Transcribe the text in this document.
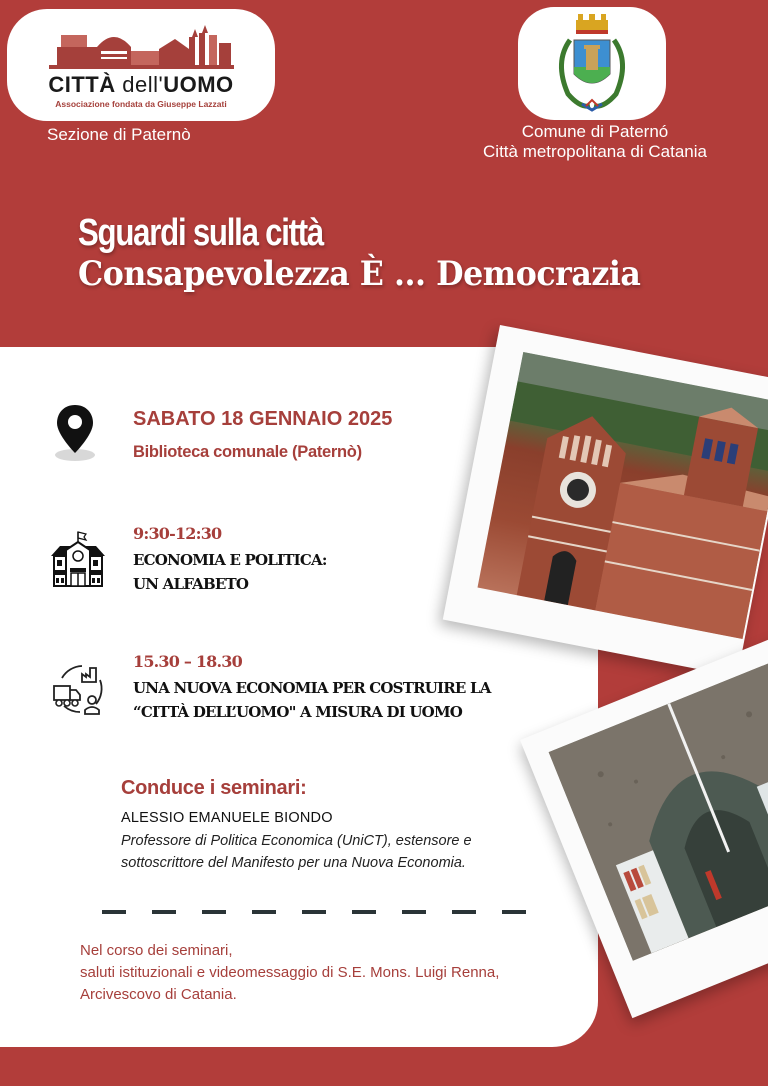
CITTÀ dell'UOMO
Associazione fondata da Giuseppe Lazzati
Sezione di Paternò	Comune di Paternó
Città metropolitana di Catania
Sguardi sulla città
Consapevolezza È ... Democrazia
SABATO 18 GENNAIO 2025
Biblioteca comunale (Paternò)
9:30-12:30
ECONOMIA E POLITICA:
UN ALFABETO
15.30 – 18.30
UNA NUOVA ECONOMIA PER COSTRUIRE LA
“CITTÀ DELL’UOMO" A MISURA DI UOMO
Conduce i seminari:
ALESSIO EMANUELE BIONDO
Professore di Politica Economica (UniCT), estensore e
sottoscrittore del Manifesto per una Nuova Economia.
Nel corso dei seminari,
saluti istituzionali e videomessaggio di S.E. Mons. Luigi Renna,
Arcivescovo di Catania.
